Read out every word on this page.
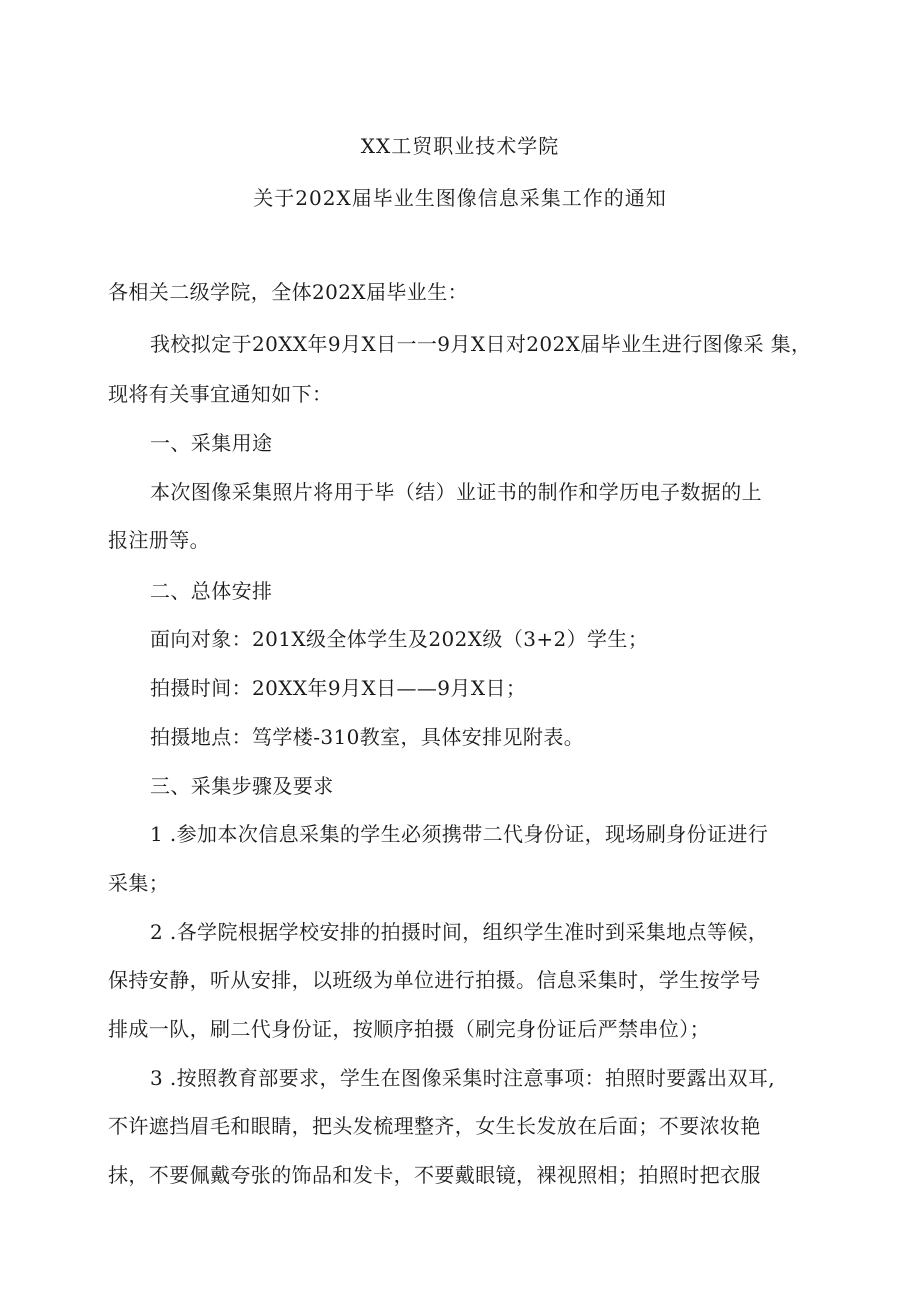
XX工贸职业技术学院
关于202X届毕业生图像信息采集工作的通知
各相关二级学院，全体202X届毕业生：
我校拟定于20XX年9月X日一一9月X日对202X届毕业生进行图像采 集，
现将有关事宜通知如下：
一、采集用途
本次图像采集照片将用于毕（结）业证书的制作和学历电子数据的上
报注册等。
二、总体安排
面向对象：201X级全体学生及202X级（3+2）学生；
拍摄时间：20XX年9月X日——9月X日；
拍摄地点：笃学楼-310教室，具体安排见附表。
三、采集步骤及要求
1 .参加本次信息采集的学生必须携带二代身份证，现场刷身份证进行
采集；
2 .各学院根据学校安排的拍摄时间，组织学生准时到采集地点等候，
保持安静，听从安排，以班级为单位进行拍摄。信息采集时，学生按学号
排成一队，刷二代身份证，按顺序拍摄（刷完身份证后严禁串位）；
3 .按照教育部要求，学生在图像采集时注意事项：拍照时要露出双耳,
不许遮挡眉毛和眼睛，把头发梳理整齐，女生长发放在后面；不要浓妆艳
抹，不要佩戴夸张的饰品和发卡，不要戴眼镜，裸视照相；拍照时把衣服
